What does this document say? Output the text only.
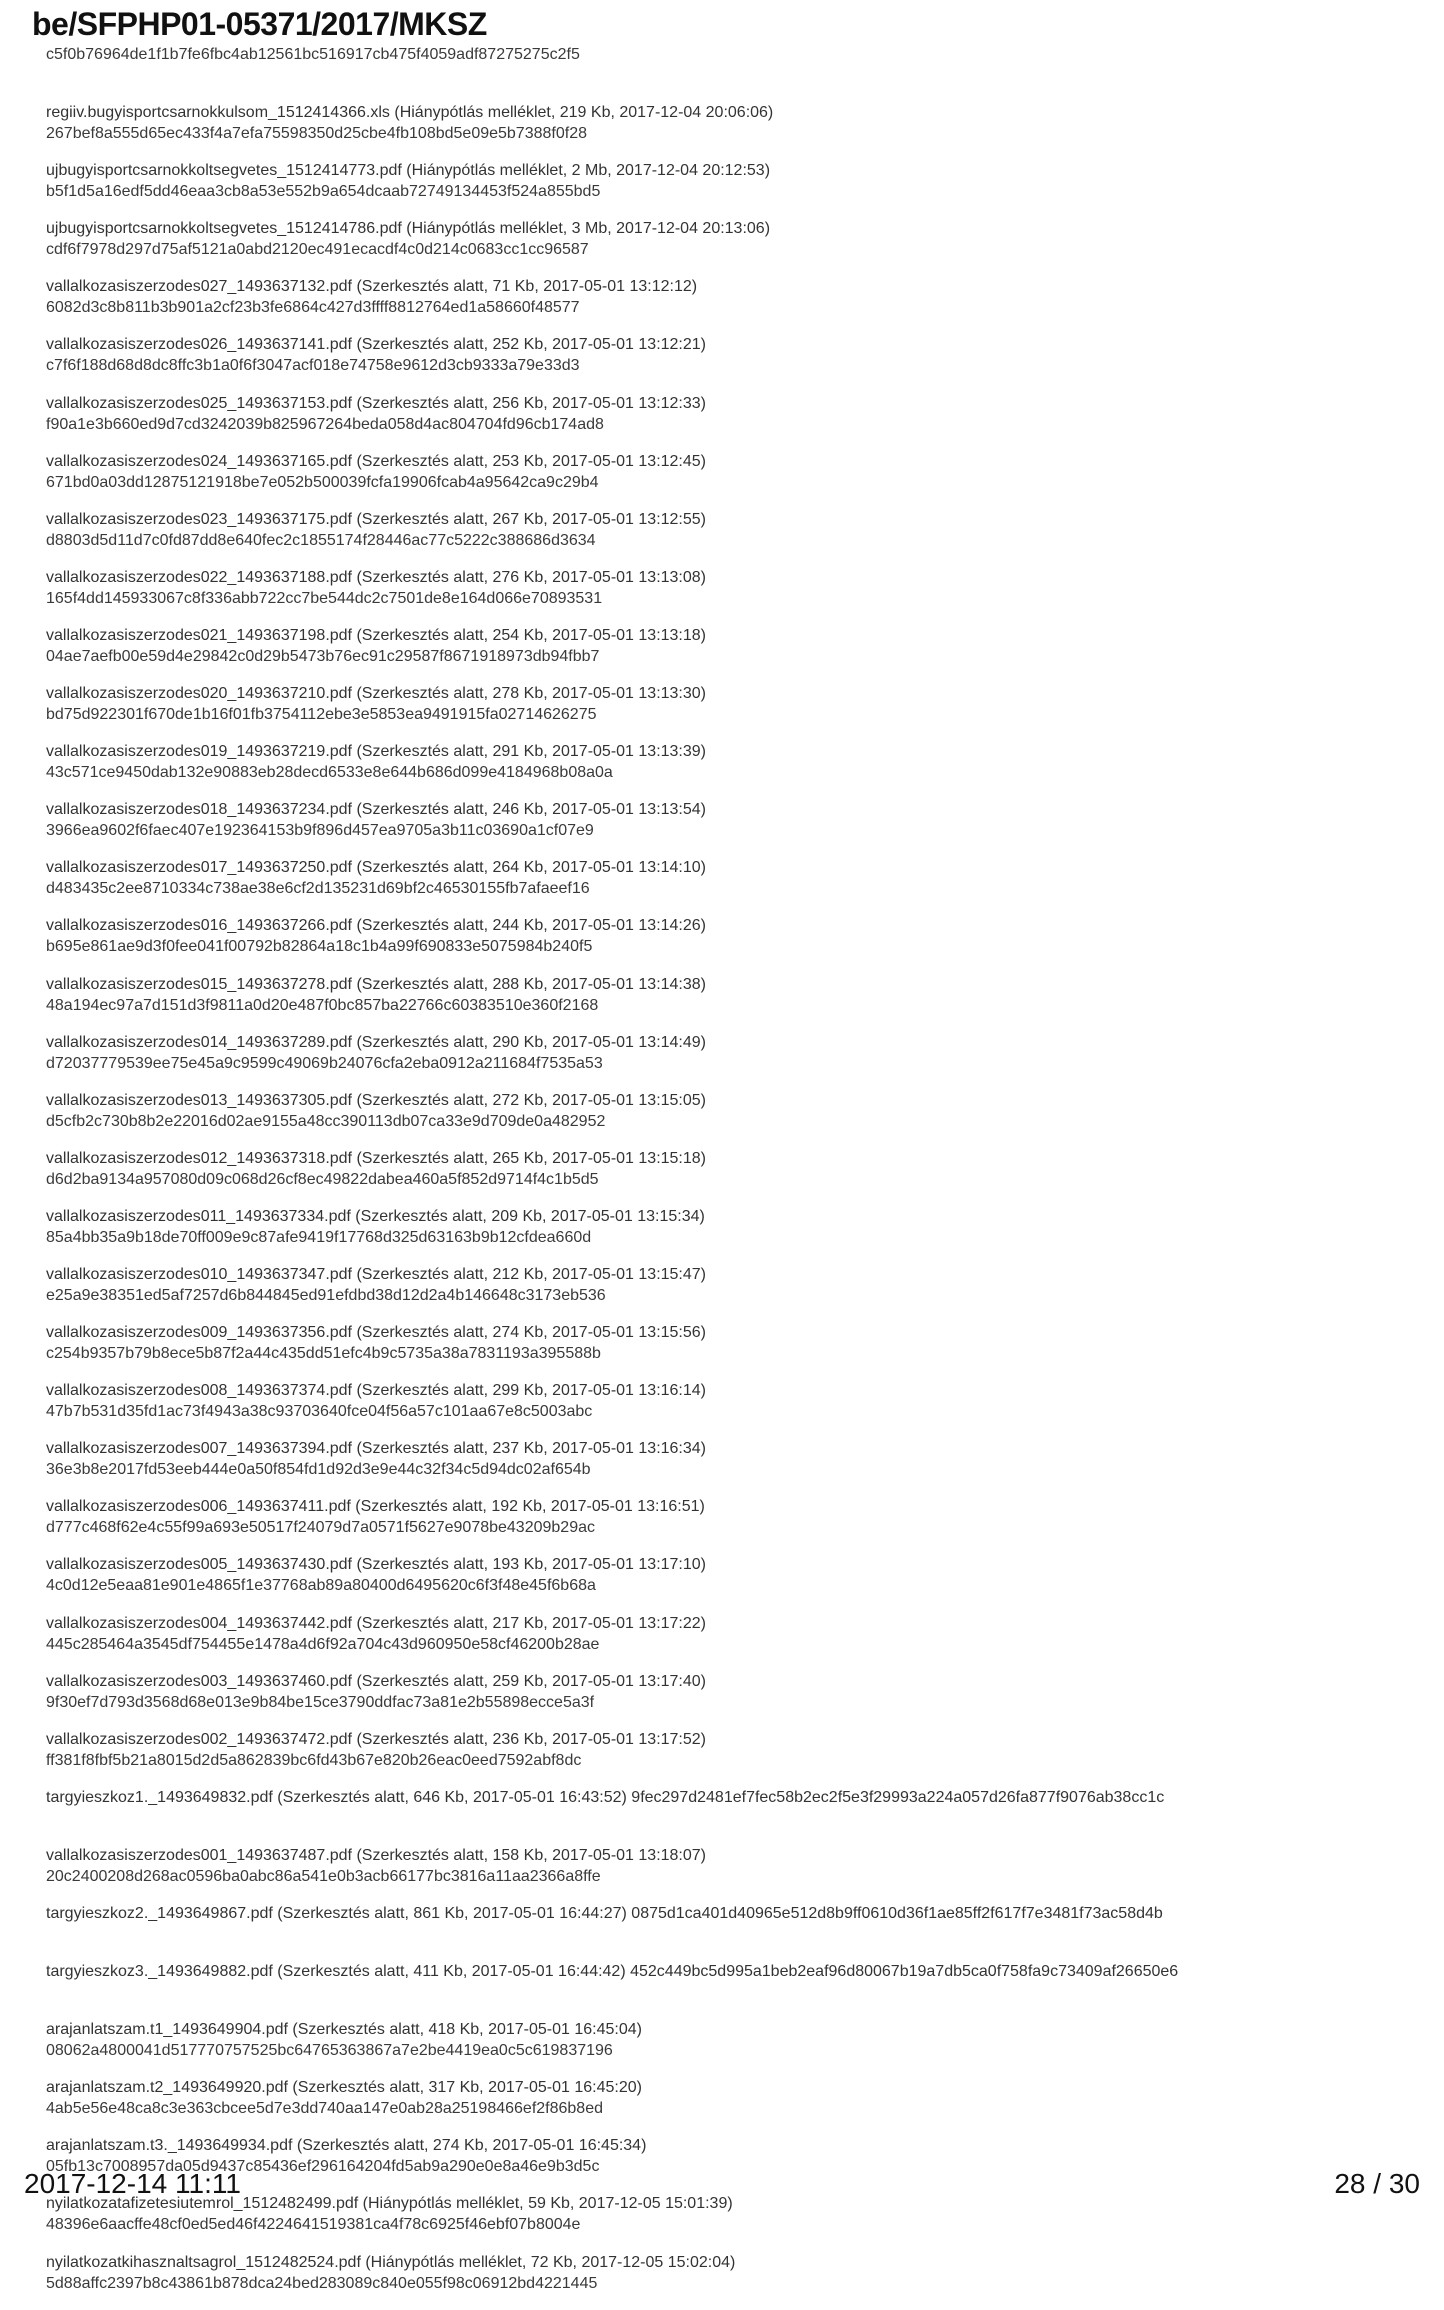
be/SFPHP01-05371/2017/MKSZ
c5f0b76964de1f1b7fe6fbc4ab12561bc516917cb475f4059adf87275275c2f5
regiiv.bugyisportcsarnokkulsom_1512414366.xls (Hiánypótlás melléklet, 219 Kb, 2017-12-04 20:06:06)
267bef8a555d65ec433f4a7efa75598350d25cbe4fb108bd5e09e5b7388f0f28
ujbugyisportcsarnokkoltsegvetes_1512414773.pdf (Hiánypótlás melléklet, 2 Mb, 2017-12-04 20:12:53)
b5f1d5a16edf5dd46eaa3cb8a53e552b9a654dcaab72749134453f524a855bd5
ujbugyisportcsarnokkoltsegvetes_1512414786.pdf (Hiánypótlás melléklet, 3 Mb, 2017-12-04 20:13:06)
cdf6f7978d297d75af5121a0abd2120ec491ecacdf4c0d214c0683cc1cc96587
vallalkozasiszerzodes027_1493637132.pdf (Szerkesztés alatt, 71 Kb, 2017-05-01 13:12:12)
6082d3c8b811b3b901a2cf23b3fe6864c427d3ffff8812764ed1a58660f48577
vallalkozasiszerzodes026_1493637141.pdf (Szerkesztés alatt, 252 Kb, 2017-05-01 13:12:21)
c7f6f188d68d8dc8ffc3b1a0f6f3047acf018e74758e9612d3cb9333a79e33d3
vallalkozasiszerzodes025_1493637153.pdf (Szerkesztés alatt, 256 Kb, 2017-05-01 13:12:33)
f90a1e3b660ed9d7cd3242039b825967264beda058d4ac804704fd96cb174ad8
vallalkozasiszerzodes024_1493637165.pdf (Szerkesztés alatt, 253 Kb, 2017-05-01 13:12:45)
671bd0a03dd12875121918be7e052b500039fcfa19906fcab4a95642ca9c29b4
vallalkozasiszerzodes023_1493637175.pdf (Szerkesztés alatt, 267 Kb, 2017-05-01 13:12:55)
d8803d5d11d7c0fd87dd8e640fec2c1855174f28446ac77c5222c388686d3634
vallalkozasiszerzodes022_1493637188.pdf (Szerkesztés alatt, 276 Kb, 2017-05-01 13:13:08)
165f4dd145933067c8f336abb722cc7be544dc2c7501de8e164d066e70893531
vallalkozasiszerzodes021_1493637198.pdf (Szerkesztés alatt, 254 Kb, 2017-05-01 13:13:18)
04ae7aefb00e59d4e29842c0d29b5473b76ec91c29587f8671918973db94fbb7
vallalkozasiszerzodes020_1493637210.pdf (Szerkesztés alatt, 278 Kb, 2017-05-01 13:13:30)
bd75d922301f670de1b16f01fb3754112ebe3e5853ea9491915fa02714626275
vallalkozasiszerzodes019_1493637219.pdf (Szerkesztés alatt, 291 Kb, 2017-05-01 13:13:39)
43c571ce9450dab132e90883eb28decd6533e8e644b686d099e4184968b08a0a
vallalkozasiszerzodes018_1493637234.pdf (Szerkesztés alatt, 246 Kb, 2017-05-01 13:13:54)
3966ea9602f6faec407e192364153b9f896d457ea9705a3b11c03690a1cf07e9
vallalkozasiszerzodes017_1493637250.pdf (Szerkesztés alatt, 264 Kb, 2017-05-01 13:14:10)
d483435c2ee8710334c738ae38e6cf2d135231d69bf2c46530155fb7afaeef16
vallalkozasiszerzodes016_1493637266.pdf (Szerkesztés alatt, 244 Kb, 2017-05-01 13:14:26)
b695e861ae9d3f0fee041f00792b82864a18c1b4a99f690833e5075984b240f5
vallalkozasiszerzodes015_1493637278.pdf (Szerkesztés alatt, 288 Kb, 2017-05-01 13:14:38)
48a194ec97a7d151d3f9811a0d20e487f0bc857ba22766c60383510e360f2168
vallalkozasiszerzodes014_1493637289.pdf (Szerkesztés alatt, 290 Kb, 2017-05-01 13:14:49)
d72037779539ee75e45a9c9599c49069b24076cfa2eba0912a211684f7535a53
vallalkozasiszerzodes013_1493637305.pdf (Szerkesztés alatt, 272 Kb, 2017-05-01 13:15:05)
d5cfb2c730b8b2e22016d02ae9155a48cc390113db07ca33e9d709de0a482952
vallalkozasiszerzodes012_1493637318.pdf (Szerkesztés alatt, 265 Kb, 2017-05-01 13:15:18)
d6d2ba9134a957080d09c068d26cf8ec49822dabea460a5f852d9714f4c1b5d5
vallalkozasiszerzodes011_1493637334.pdf (Szerkesztés alatt, 209 Kb, 2017-05-01 13:15:34)
85a4bb35a9b18de70ff009e9c87afe9419f17768d325d63163b9b12cfdea660d
vallalkozasiszerzodes010_1493637347.pdf (Szerkesztés alatt, 212 Kb, 2017-05-01 13:15:47)
e25a9e38351ed5af7257d6b844845ed91efdbd38d12d2a4b146648c3173eb536
vallalkozasiszerzodes009_1493637356.pdf (Szerkesztés alatt, 274 Kb, 2017-05-01 13:15:56)
c254b9357b79b8ece5b87f2a44c435dd51efc4b9c5735a38a7831193a395588b
vallalkozasiszerzodes008_1493637374.pdf (Szerkesztés alatt, 299 Kb, 2017-05-01 13:16:14)
47b7b531d35fd1ac73f4943a38c93703640fce04f56a57c101aa67e8c5003abc
vallalkozasiszerzodes007_1493637394.pdf (Szerkesztés alatt, 237 Kb, 2017-05-01 13:16:34)
36e3b8e2017fd53eeb444e0a50f854fd1d92d3e9e44c32f34c5d94dc02af654b
vallalkozasiszerzodes006_1493637411.pdf (Szerkesztés alatt, 192 Kb, 2017-05-01 13:16:51)
d777c468f62e4c55f99a693e50517f24079d7a0571f5627e9078be43209b29ac
vallalkozasiszerzodes005_1493637430.pdf (Szerkesztés alatt, 193 Kb, 2017-05-01 13:17:10)
4c0d12e5eaa81e901e4865f1e37768ab89a80400d6495620c6f3f48e45f6b68a
vallalkozasiszerzodes004_1493637442.pdf (Szerkesztés alatt, 217 Kb, 2017-05-01 13:17:22)
445c285464a3545df754455e1478a4d6f92a704c43d960950e58cf46200b28ae
vallalkozasiszerzodes003_1493637460.pdf (Szerkesztés alatt, 259 Kb, 2017-05-01 13:17:40)
9f30ef7d793d3568d68e013e9b84be15ce3790ddfac73a81e2b55898ecce5a3f
vallalkozasiszerzodes002_1493637472.pdf (Szerkesztés alatt, 236 Kb, 2017-05-01 13:17:52)
ff381f8fbf5b21a8015d2d5a862839bc6fd43b67e820b26eac0eed7592abf8dc
targyieszkoz1._1493649832.pdf (Szerkesztés alatt, 646 Kb, 2017-05-01 16:43:52) 9fec297d2481ef7fec58b2ec2f5e3f29993a224a057d26fa877f9076ab38cc1c
vallalkozasiszerzodes001_1493637487.pdf (Szerkesztés alatt, 158 Kb, 2017-05-01 13:18:07)
20c2400208d268ac0596ba0abc86a541e0b3acb66177bc3816a11aa2366a8ffe
targyieszkoz2._1493649867.pdf (Szerkesztés alatt, 861 Kb, 2017-05-01 16:44:27) 0875d1ca401d40965e512d8b9ff0610d36f1ae85ff2f617f7e3481f73ac58d4b
targyieszkoz3._1493649882.pdf (Szerkesztés alatt, 411 Kb, 2017-05-01 16:44:42) 452c449bc5d995a1beb2eaf96d80067b19a7db5ca0f758fa9c73409af26650e6
arajanlatszam.t1_1493649904.pdf (Szerkesztés alatt, 418 Kb, 2017-05-01 16:45:04)
08062a4800041d517770757525bc64765363867a7e2be4419ea0c5c619837196
arajanlatszam.t2_1493649920.pdf (Szerkesztés alatt, 317 Kb, 2017-05-01 16:45:20)
4ab5e56e48ca8c3e363cbcee5d7e3dd740aa147e0ab28a25198466ef2f86b8ed
arajanlatszam.t3._1493649934.pdf (Szerkesztés alatt, 274 Kb, 2017-05-01 16:45:34)
05fb13c7008957da05d9437c85436ef296164204fd5ab9a290e0e8a46e9b3d5c
nyilatkozatafizetesiutemrol_1512482499.pdf (Hiánypótlás melléklet, 59 Kb, 2017-12-05 15:01:39)
48396e6aacffe48cf0ed5ed46f4224641519381ca4f78c6925f46ebf07b8004e
nyilatkozatkihasznaltsagrol_1512482524.pdf (Hiánypótlás melléklet, 72 Kb, 2017-12-05 15:02:04)
5d88affc2397b8c43861b878dca24bed283089c840e055f98c06912bd4221445
2017-12-14 11:11	28 / 30
